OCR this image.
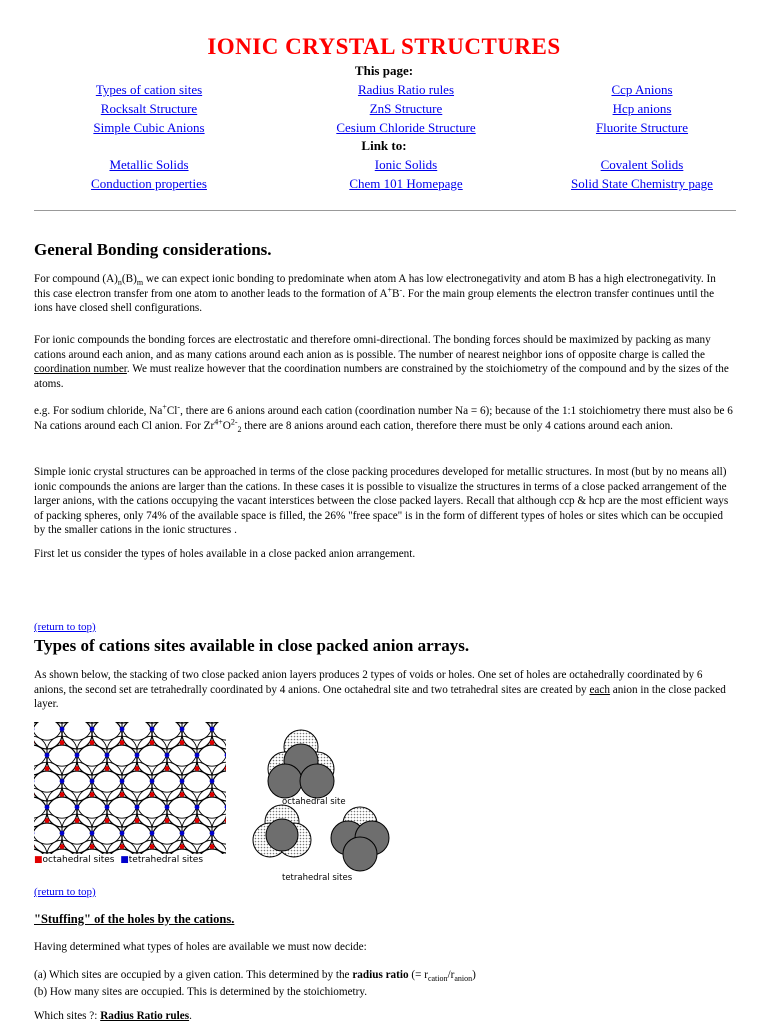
IONIC CRYSTAL STRUCTURES
This page:
Types of cation sites	Radius Ratio rules	Ccp Anions
Rocksalt Structure	ZnS Structure	Hcp anions
Simple Cubic Anions	Cesium Chloride Structure	Fluorite Structure
Link to:
Metallic Solids	Ionic Solids	Covalent Solids
Conduction properties	Chem 101 Homepage	Solid State Chemistry page
General Bonding considerations.
For compound $(A)_n(B)_m$ we can expect ionic bonding to predominate when atom A has low electronegativity and atom B has a high electronegativity. In this case electron transfer from one atom to another leads to the formation of A+B-. For the main group elements the electron transfer continues until the ions have closed shell configurations.
For ionic compounds the bonding forces are electrostatic and therefore omni-directional. The bonding forces should be maximized by packing as many cations around each anion, and as many cations around each anion as is possible. The number of nearest neighbor ions of opposite charge is called the coordination number. We must realize however that the coordination numbers are constrained by the stoichiometry of the compound and by the sizes of the atoms.
e.g. For sodium chloride, Na+Cl-, there are 6 anions around each cation (coordination number Na = 6); because of the 1:1 stoichiometry there must also be 6 Na cations around each Cl anion. For $Zr^{4+}O^{2-}_2$ there are 8 anions around each cation, therefore there must be only 4 cations around each anion.
Simple ionic crystal structures can be approached in terms of the close packing procedures developed for metallic structures. In most (but by no means all) ionic compounds the anions are larger than the cations. In these cases it is possible to visualize the structures in terms of a close packed arrangement of the larger anions, with the cations occupying the vacant interstices between the close packed layers. Recall that although ccp & hcp are the most efficient ways of packing spheres, only 74% of the available space is filled, the 26% "free space" is in the form of different types of holes or sites which can be occupied by the smaller cations in the ionic structures .
First let us consider the types of holes available in a close packed anion arrangement.
(return to top)
Types of cations sites available in close packed anion arrays.
As shown below, the stacking of two close packed anion layers produces 2 types of voids or holes. One set of holes are octahedrally coordinated by 6 anions, the second set are tetrahedrally coordinated by 4 anions. One octahedral site and two tetrahedral sites are created by each anion in the close packed layer.
■octahedral sites ■tetrahedral sites
octahedral site
tetrahedral sites
(return to top)
"Stuffing" of the holes by the cations.
Having determined what types of holes are available we must now decide:
(a) Which sites are occupied by a given cation. This determined by the radius ratio (= $r_{cation}/r_{anion}$)
(b) How many sites are occupied. This is determined by the stoichiometry.
Which sites ?: Radius Ratio rules.
